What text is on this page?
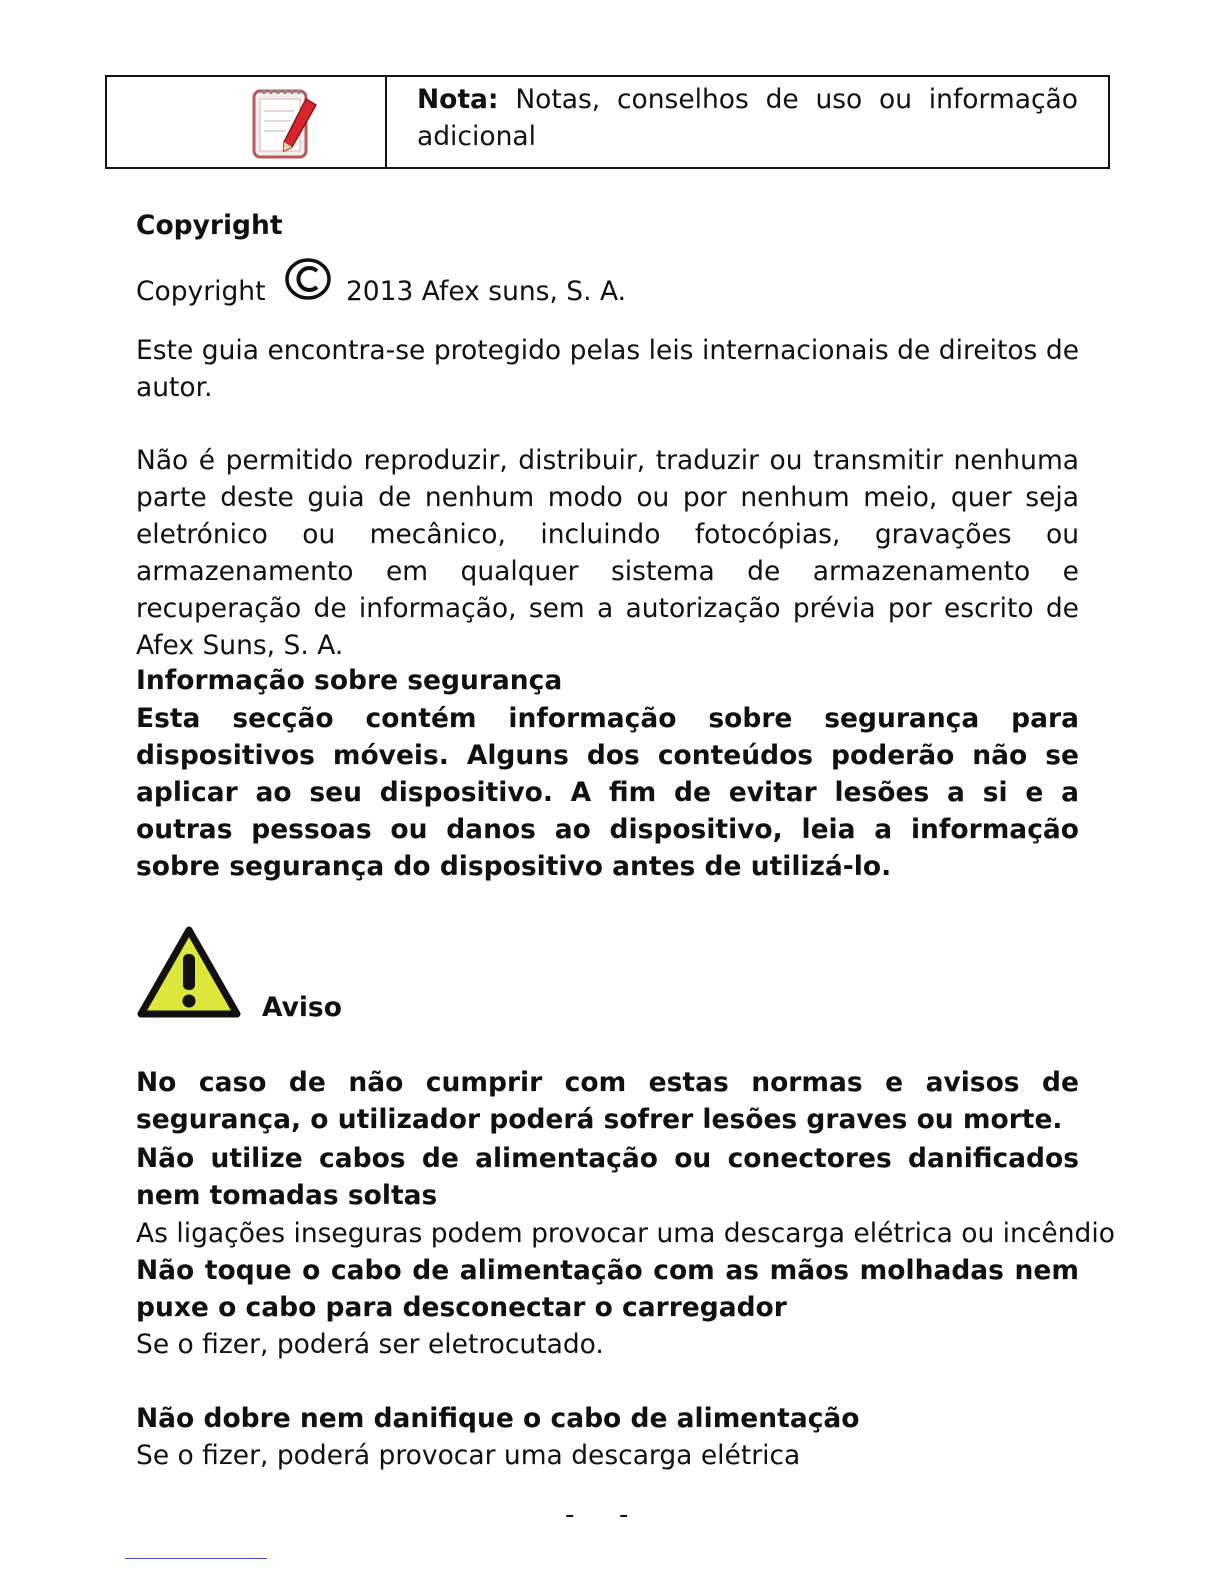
Nota: Notas, conselhos de uso ou informação adicional
Copyright
Copyright	2013 Afex suns, S. A.
Este guia encontra-se protegido pelas leis internacionais de direitos de autor.
Não é permitido reproduzir, distribuir, traduzir ou transmitir nenhuma parte deste guia de nenhum modo ou por nenhum meio, quer seja eletrónico ou mecânico, incluindo fotocópias, gravações ou armazenamento em qualquer sistema de armazenamento e recuperação de informação, sem a autorização prévia por escrito de Afex Suns, S. A.
Informação sobre segurança
Esta secção contém informação sobre segurança para dispositivos móveis. Alguns dos conteúdos poderão não se aplicar ao seu dispositivo. A fim de evitar lesões a si e a outras pessoas ou danos ao dispositivo, leia a informação sobre segurança do dispositivo antes de utilizá-lo.
Aviso
No caso de não cumprir com estas normas e avisos de segurança, o utilizador poderá sofrer lesões graves ou morte.
Não utilize cabos de alimentação ou conectores danificados nem tomadas soltas
As ligações inseguras podem provocar uma descarga elétrica ou incêndio
Não toque o cabo de alimentação com as mãos molhadas nem puxe o cabo para desconectar o carregador
Se o fizer, poderá ser eletrocutado.
Não dobre nem danifique o cabo de alimentação
Se o fizer, poderá provocar uma descarga elétrica
- -
